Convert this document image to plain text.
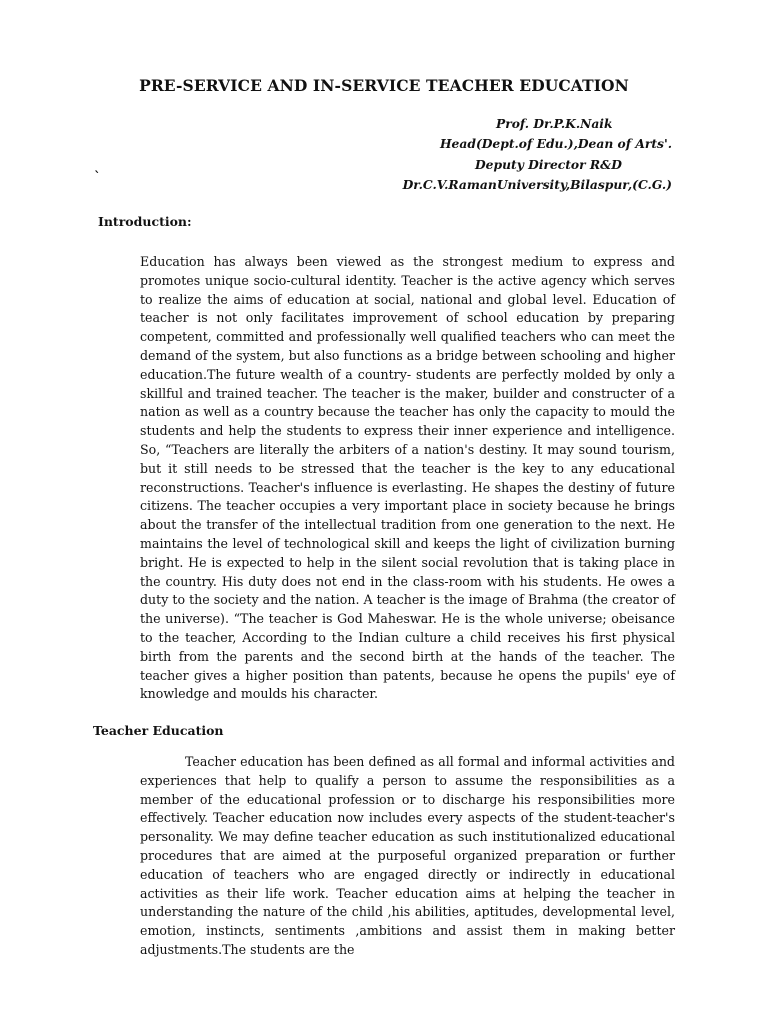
PRE-SERVICE AND IN-SERVICE TEACHER EDUCATION
Prof. Dr.P.K.Naik
Head(Dept.of Edu.),Dean of Arts'.
Deputy Director R&D
Dr.C.V.RamanUniversity,Bilaspur,(C.G.)
`
Introduction:

Education has always been viewed as the strongest medium to express and promotes unique socio-cultural identity. Teacher is the active agency which serves to realize the aims of education at social, national and global level. Education of teacher is not only facilitates improvement of school education by preparing competent, committed and professionally well qualified teachers who can meet the demand of the system, but also functions as a bridge between schooling and higher education.The future wealth of a country- students are perfectly molded by only a skillful and trained teacher. The teacher is the maker, builder and constructer of a nation as well as a country because the teacher has only the capacity to mould the students and help the students to express their inner experience and intelligence. So, “Teachers are literally the arbiters of a nation's destiny. It may sound tourism, but it still needs to be stressed that the teacher is the key to any educational reconstructions. Teacher's influence is everlasting. He shapes the destiny of future citizens. The teacher occupies a very important place in society because he brings about the transfer of the intellectual tradition from one generation to the next. He maintains the level of technological skill and keeps the light of civilization burning bright. He is expected to help in the silent social revolution that is taking place in the country. His duty does not end in the class-room with his students. He owes a duty to the society and the nation. A teacher is the image of Brahma (the creator of the universe). “The teacher is God Maheswar. He is the whole universe; obeisance to the teacher, According to the Indian culture a child receives his first physical birth from the parents and the second birth at the hands of the teacher. The teacher gives a higher position than patents, because he opens the pupils' eye of knowledge and moulds his character.

Teacher Education

Teacher education has been defined as all formal and informal activities and experiences that help to qualify a person to assume the responsibilities as a member of the educational profession or to discharge his responsibilities more effectively. Teacher education now includes every aspects of the student-teacher's personality. We may define teacher education as such institutionalized educational procedures that are aimed at the purposeful organized preparation or further education of teachers who are engaged directly or indirectly in educational activities as their life work. Teacher education aims at helping the teacher in understanding the nature of the child ,his abilities, aptitudes, developmental level, emotion, instincts, sentiments ,ambitions and assist them in making better adjustments.The students are the
